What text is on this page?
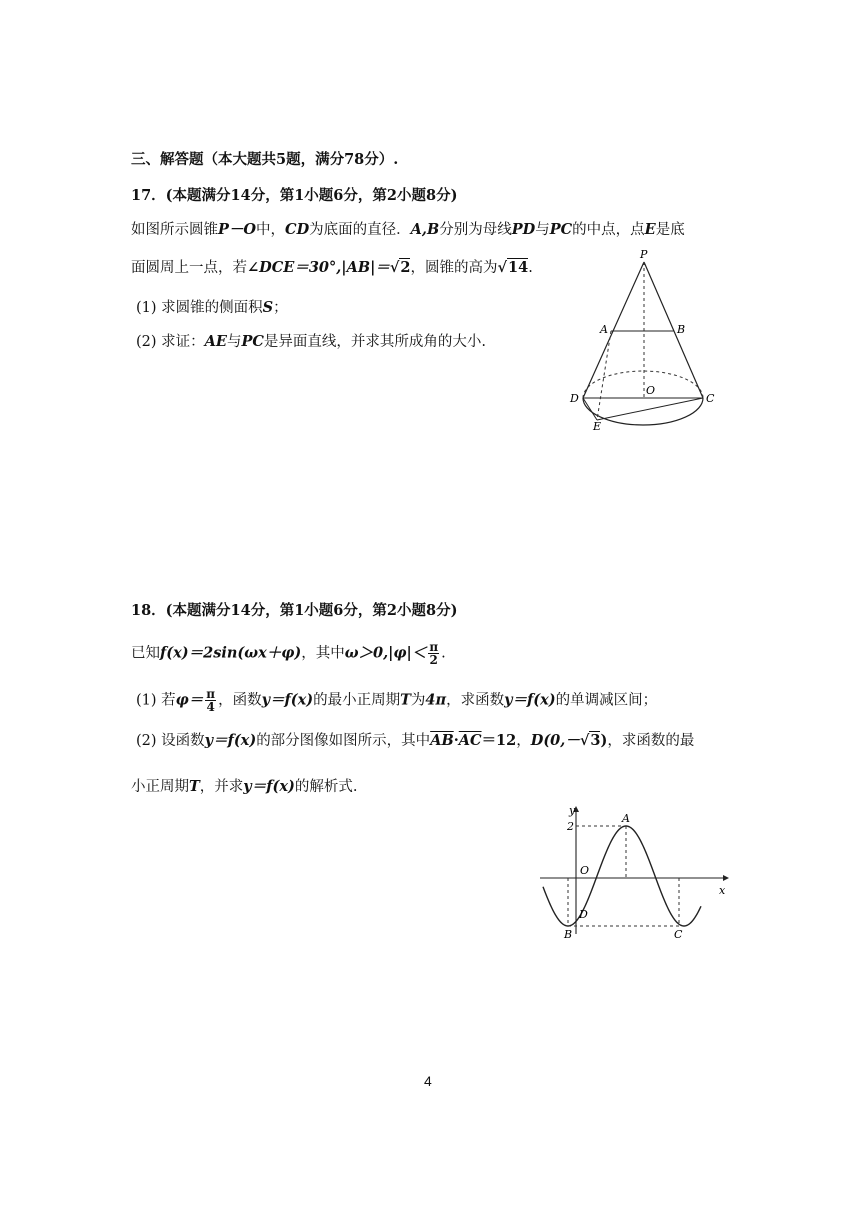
三、解答题（本大题共5题，满分78分）.
17．(本题满分14分，第1小题6分，第2小题8分)
如图所示圆锥P－O中，CD为底面的直径．A,B分别为母线PD与PC的中点，点E是底
面圆周上一点，若∠DCE＝30°,|AB|＝√2，圆锥的高为√14.
(1) 求圆锥的侧面积S；
(2) 求证：AE与PC是异面直线，并求其所成角的大小.
P
A	B
O
D	C
E
18．(本题满分14分，第1小题6分，第2小题8分)
已知f(x)＝2sin(ωx＋φ)，其中$\omega>0,|\varphi|< \frac{\pi}{2}$ .
(1) 若$\varphi= \frac{\pi}{4}$ ，函数y＝f(x)的最小正周期T为4π，求函数y＝f(x)的单调减区间；
(2) 设函数y＝f(x)的部分图像如图所示，其中$\overline{AB}\cdot\overline{AC}=12$，D(0,－√3)，求函数的最
小正周期T，并求y＝f(x)的解析式.
y
x
2
O
A
B	C
D
4
